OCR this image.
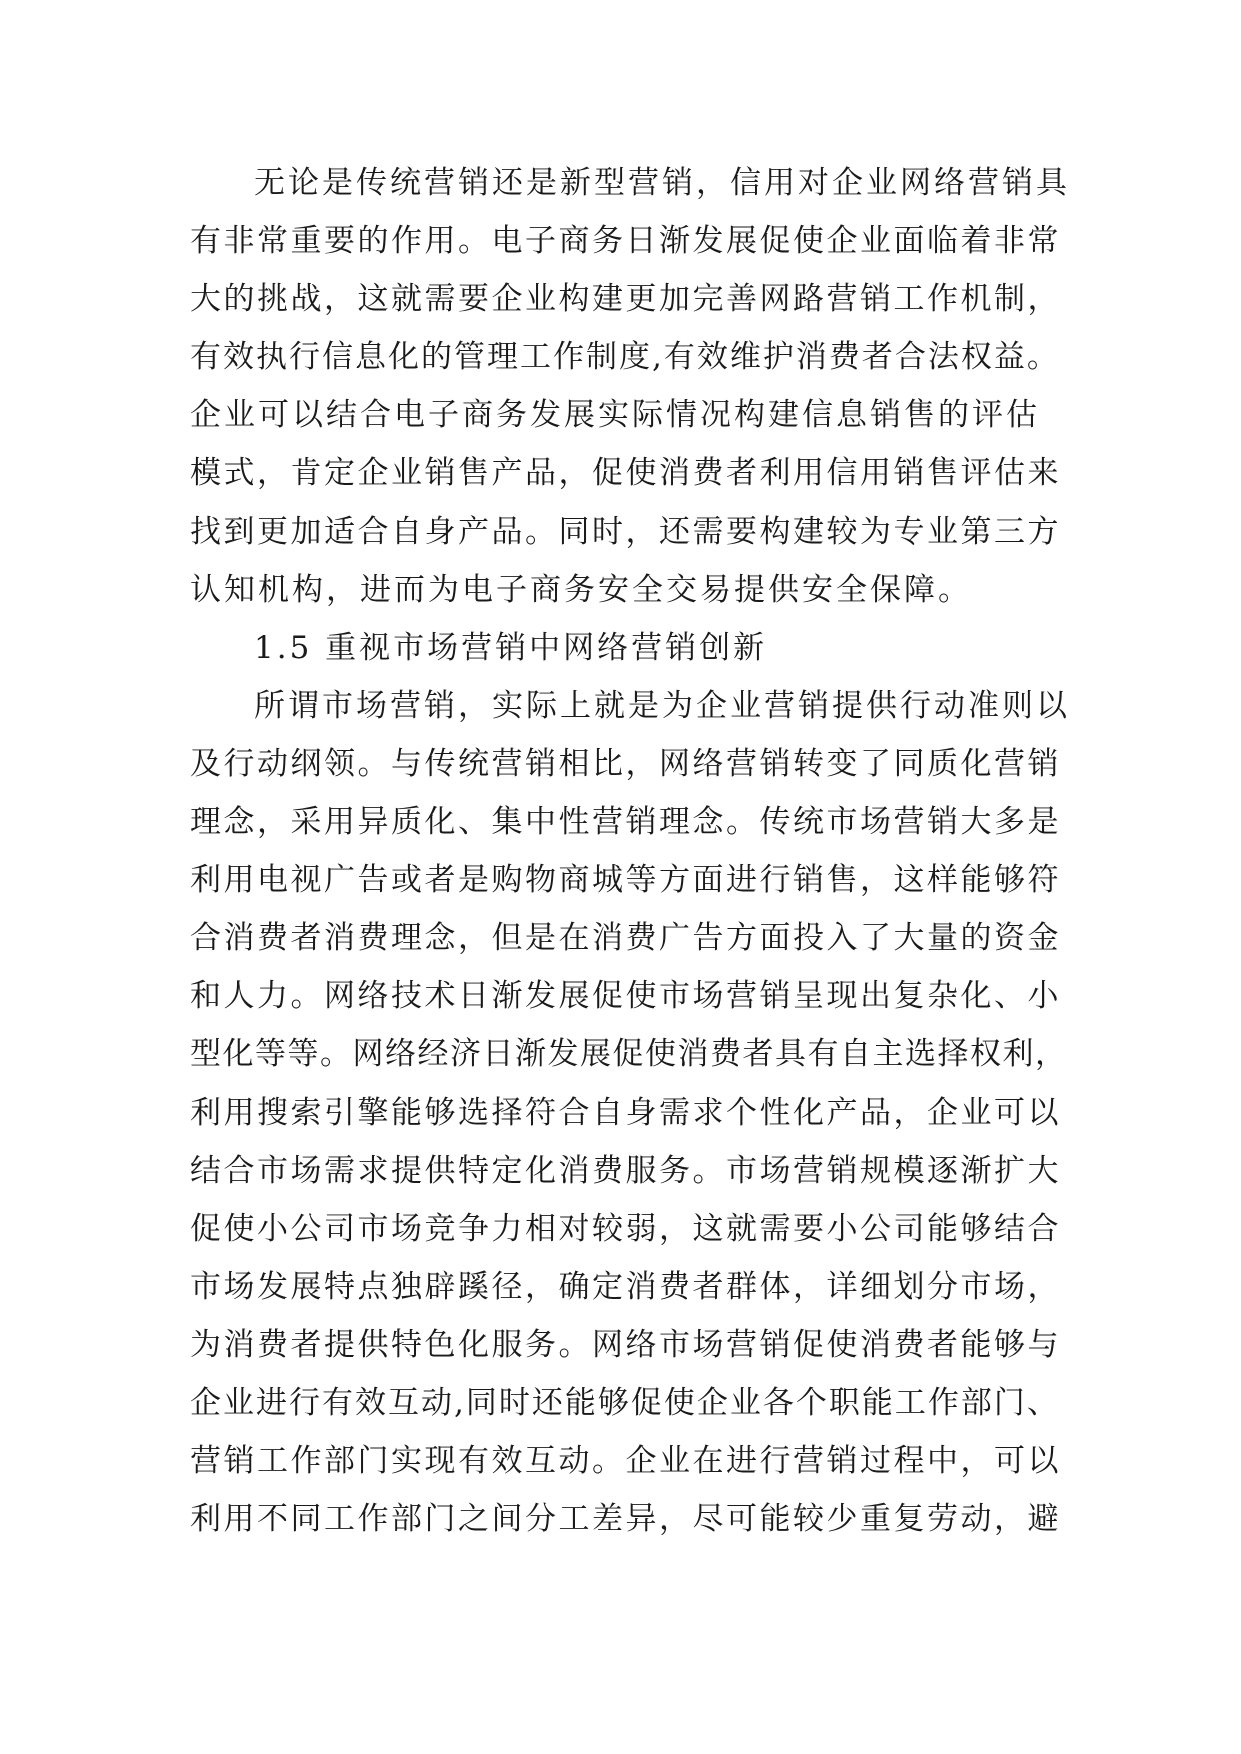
无论是传统营销还是新型营销，信用对企业网络营销具
有非常重要的作用。电子商务日渐发展促使企业面临着非常
大的挑战，这就需要企业构建更加完善网路营销工作机制，
有效执行信息化的管理工作制度,有效维护消费者合法权益。
企业可以结合电子商务发展实际情况构建信息销售的评估
模式，肯定企业销售产品，促使消费者利用信用销售评估来
找到更加适合自身产品。同时，还需要构建较为专业第三方
认知机构，进而为电子商务安全交易提供安全保障。
1.5 重视市场营销中网络营销创新
所谓市场营销，实际上就是为企业营销提供行动准则以
及行动纲领。与传统营销相比，网络营销转变了同质化营销
理念，采用异质化、集中性营销理念。传统市场营销大多是
利用电视广告或者是购物商城等方面进行销售，这样能够符
合消费者消费理念，但是在消费广告方面投入了大量的资金
和人力。网络技术日渐发展促使市场营销呈现出复杂化、小
型化等等。网络经济日渐发展促使消费者具有自主选择权利，
利用搜索引擎能够选择符合自身需求个性化产品，企业可以
结合市场需求提供特定化消费服务。市场营销规模逐渐扩大
促使小公司市场竞争力相对较弱，这就需要小公司能够结合
市场发展特点独辟蹊径，确定消费者群体，详细划分市场，
为消费者提供特色化服务。网络市场营销促使消费者能够与
企业进行有效互动,同时还能够促使企业各个职能工作部门、
营销工作部门实现有效互动。企业在进行营销过程中，可以
利用不同工作部门之间分工差异，尽可能较少重复劳动，避
